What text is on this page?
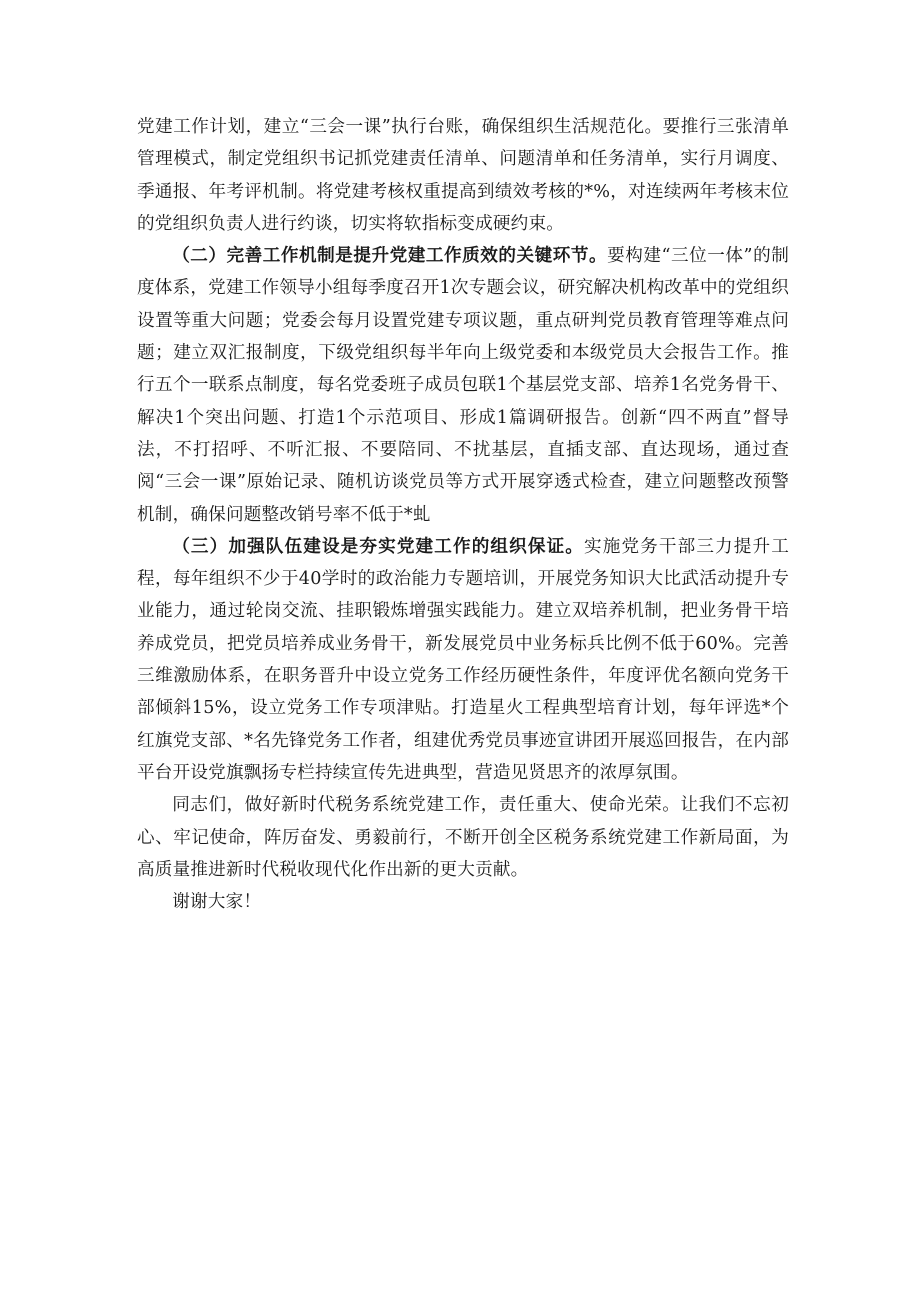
党建工作计划，建立“三会一课”执行台账，确保组织生活规范化。要推行三张清单管理模式，制定党组织书记抓党建责任清单、问题清单和任务清单，实行月调度、季通报、年考评机制。将党建考核权重提高到绩效考核的*%，对连续两年考核末位的党组织负责人进行约谈，切实将软指标变成硬约束。

（二）完善工作机制是提升党建工作质效的关键环节。要构建“三位一体”的制度体系，党建工作领导小组每季度召开1次专题会议，研究解决机构改革中的党组织设置等重大问题；党委会每月设置党建专项议题，重点研判党员教育管理等难点问题；建立双汇报制度，下级党组织每半年向上级党委和本级党员大会报告工作。推行五个一联系点制度，每名党委班子成员包联1个基层党支部、培养1名党务骨干、解决1个突出问题、打造1个示范项目、形成1篇调研报告。创新“四不两直”督导法，不打招呼、不听汇报、不要陪同、不扰基层，直插支部、直达现场，通过查阅“三会一课”原始记录、随机访谈党员等方式开展穿透式检查，建立问题整改预警机制，确保问题整改销号率不低于*虬

（三）加强队伍建设是夯实党建工作的组织保证。实施党务干部三力提升工程，每年组织不少于40学时的政治能力专题培训，开展党务知识大比武活动提升专业能力，通过轮岗交流、挂职锻炼增强实践能力。建立双培养机制，把业务骨干培养成党员，把党员培养成业务骨干，新发展党员中业务标兵比例不低于60%。完善三维激励体系，在职务晋升中设立党务工作经历硬性条件，年度评优名额向党务干部倾斜15%，设立党务工作专项津贴。打造星火工程典型培育计划，每年评选*个红旗党支部、*名先锋党务工作者，组建优秀党员事迹宣讲团开展巡回报告，在内部平台开设党旗飘扬专栏持续宣传先进典型，营造见贤思齐的浓厚氛围。

同志们，做好新时代税务系统党建工作，责任重大、使命光荣。让我们不忘初心、牢记使命，阵厉奋发、勇毅前行，不断开创全区税务系统党建工作新局面，为高质量推进新时代税收现代化作出新的更大贡献。

谢谢大家！
